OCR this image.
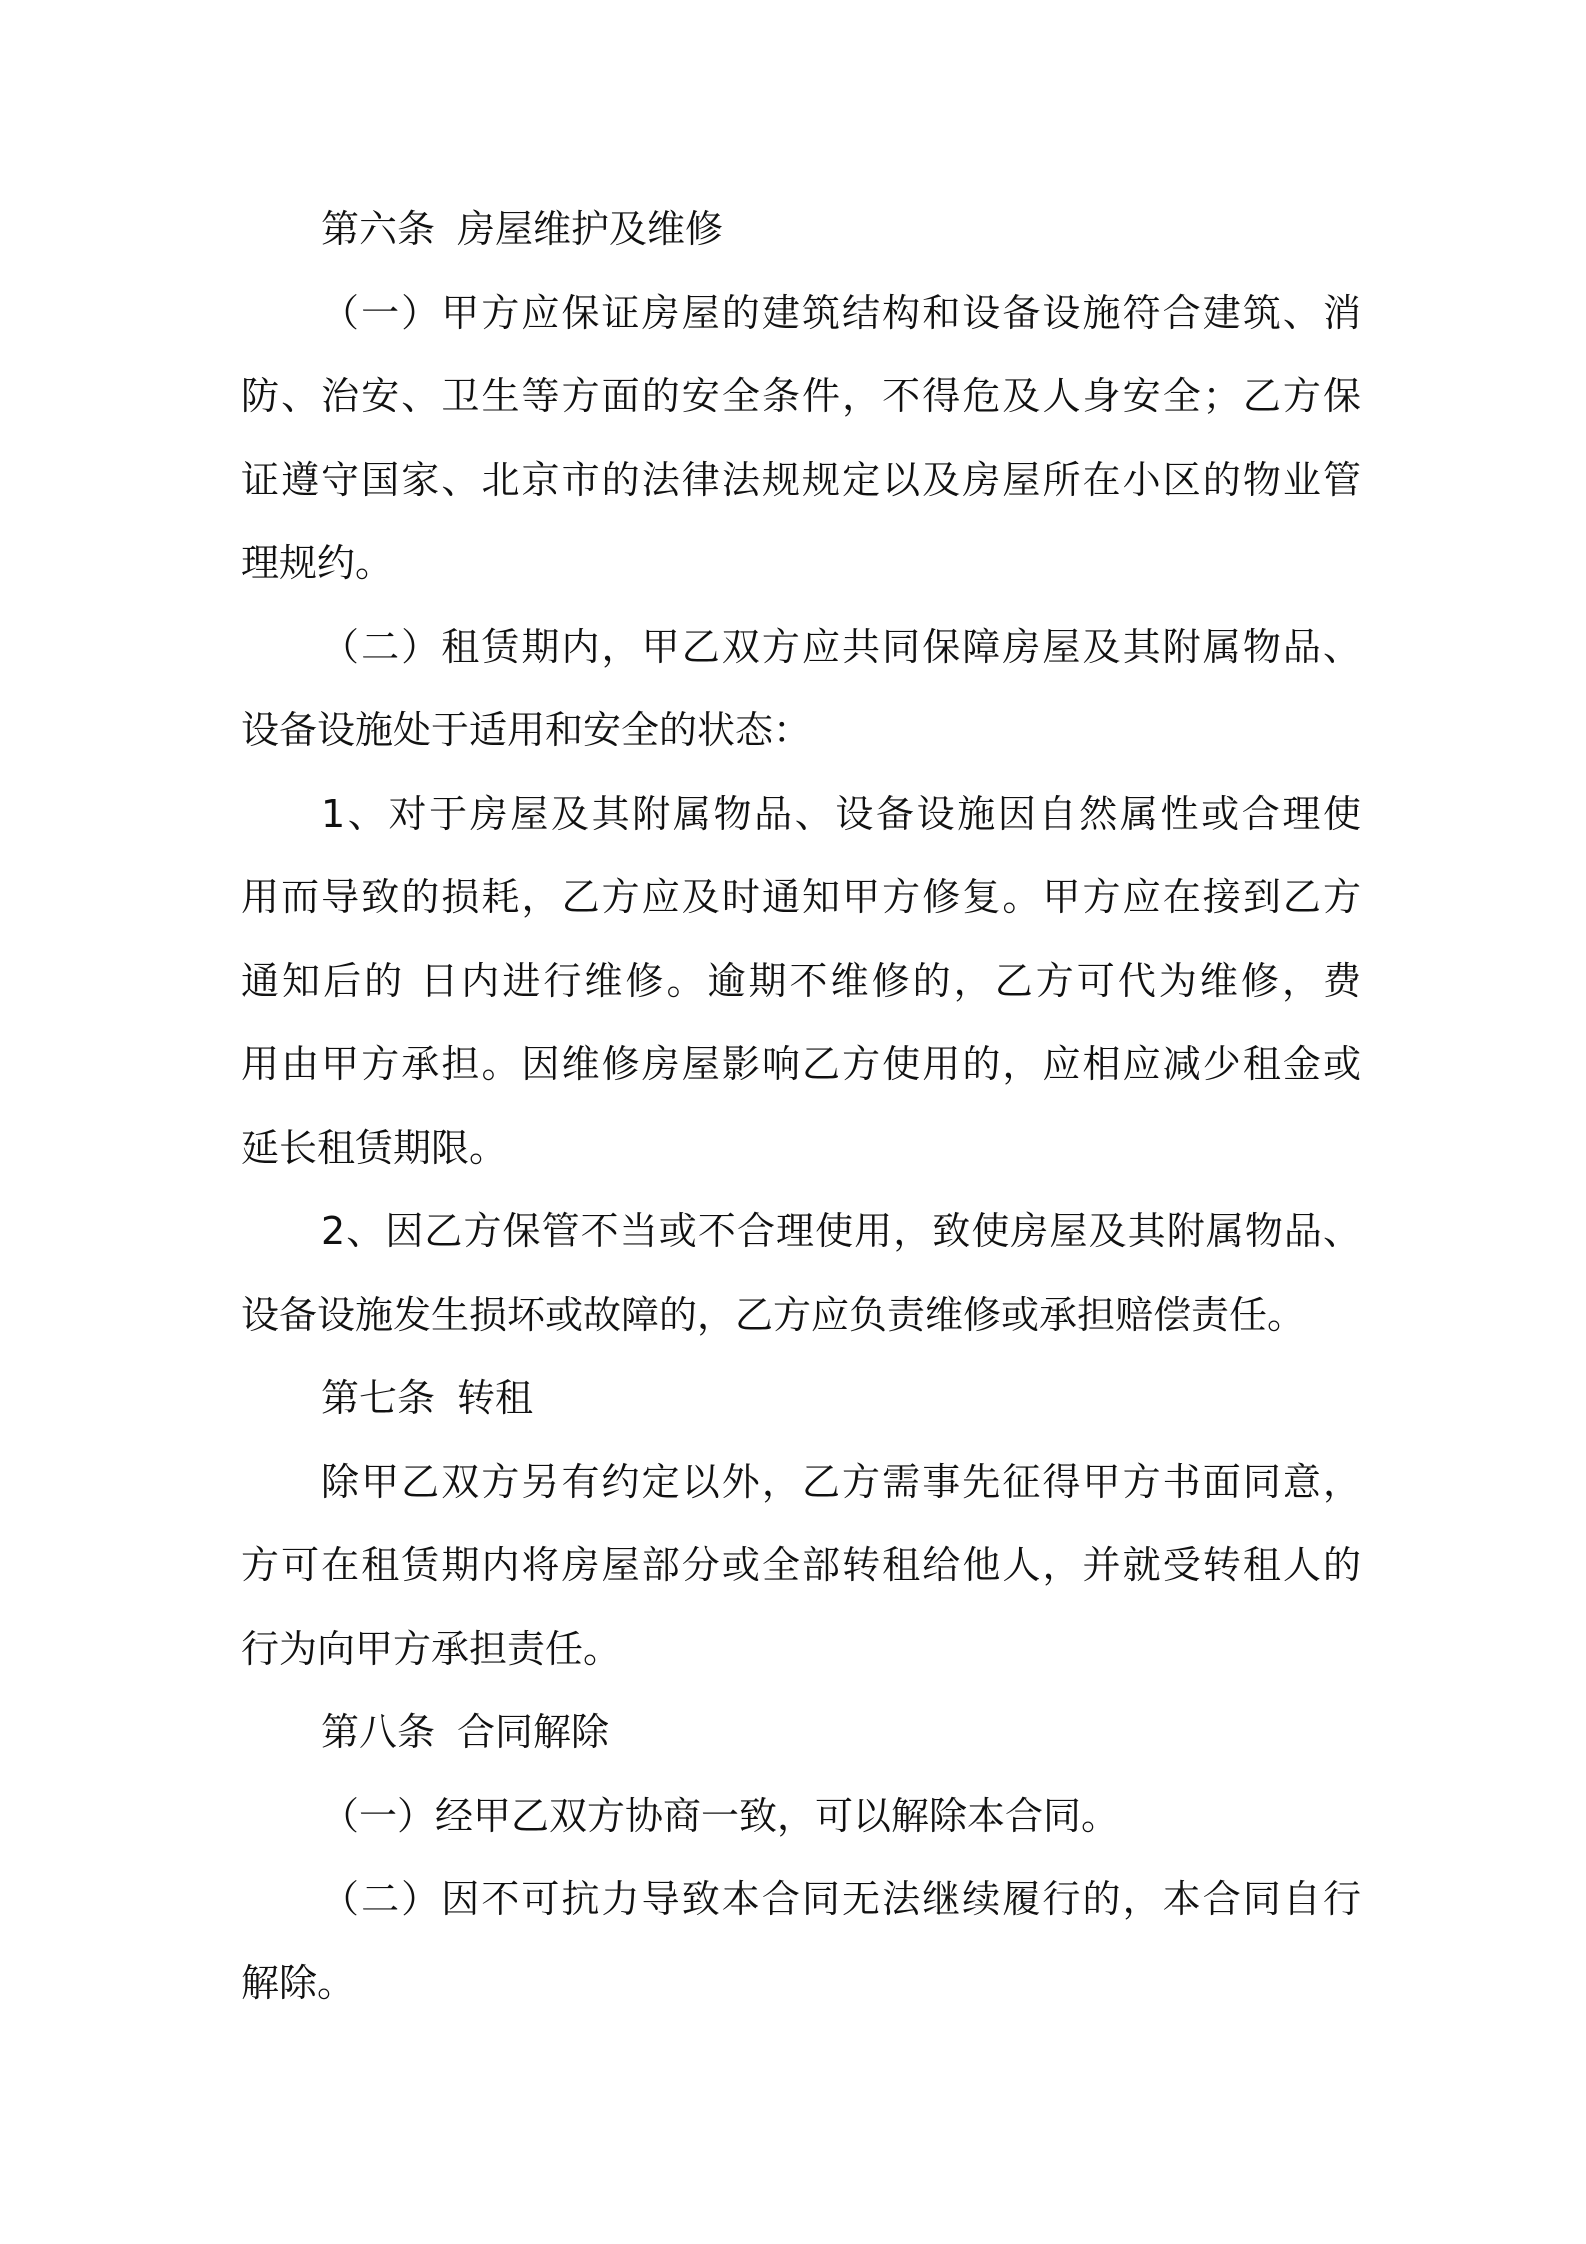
第六条 房屋维护及维修
（一）甲方应保证房屋的建筑结构和设备设施符合建筑、消
防、治安、卫生等方面的安全条件，不得危及人身安全；乙方保
证遵守国家、北京市的法律法规规定以及房屋所在小区的物业管
理规约。
（二）租赁期内，甲乙双方应共同保障房屋及其附属物品、
设备设施处于适用和安全的状态：
1、对于房屋及其附属物品、设备设施因自然属性或合理使
用而导致的损耗，乙方应及时通知甲方修复。甲方应在接到乙方
通知后的 日内进行维修。逾期不维修的，乙方可代为维修，费
用由甲方承担。因维修房屋影响乙方使用的，应相应减少租金或
延长租赁期限。
2、因乙方保管不当或不合理使用，致使房屋及其附属物品、
设备设施发生损坏或故障的，乙方应负责维修或承担赔偿责任。
第七条 转租
除甲乙双方另有约定以外，乙方需事先征得甲方书面同意，
方可在租赁期内将房屋部分或全部转租给他人，并就受转租人的
行为向甲方承担责任。
第八条 合同解除
（一）经甲乙双方协商一致，可以解除本合同。
（二）因不可抗力导致本合同无法继续履行的，本合同自行
解除。
